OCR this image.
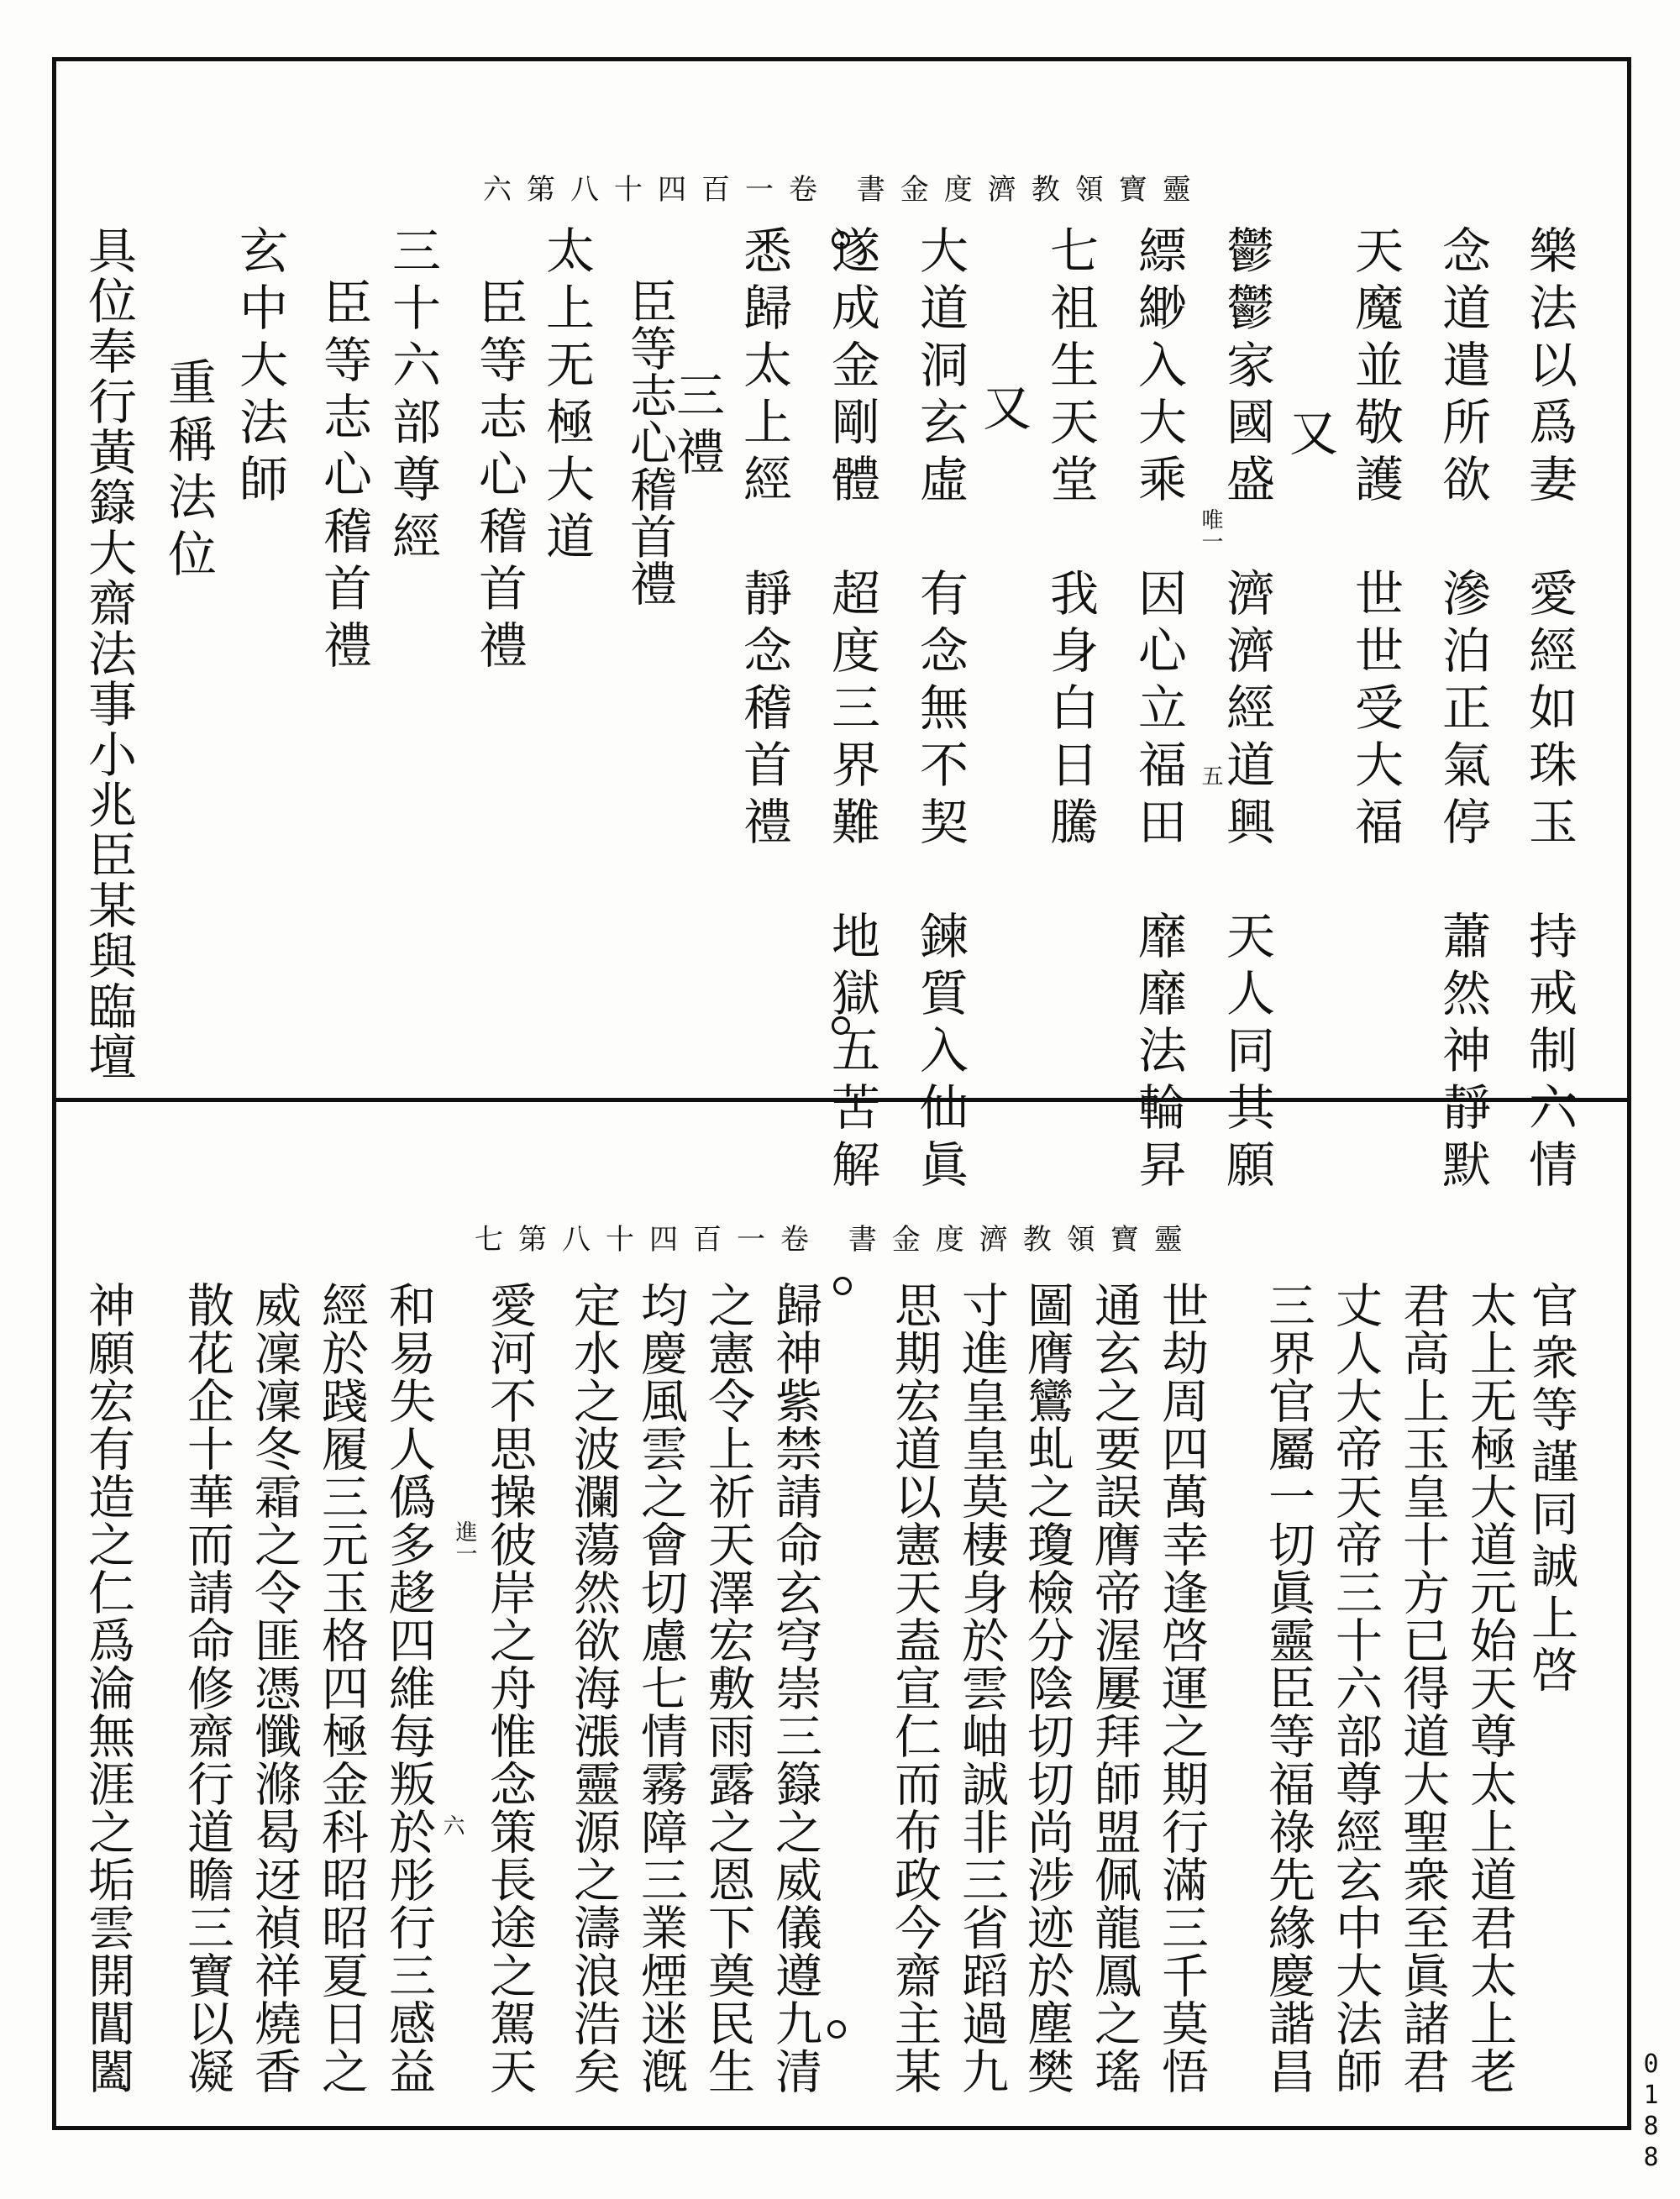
靈寶領教濟度金書 卷一百四十八第六
樂法以爲妻　愛經如珠玉　持戒制六情
念道遣所欲　滲泊正氣停　蕭然神靜默
天魔並敬護　世世受大福
又
鬱鬱家國盛　濟濟經道興　天人同其願
縹緲入大乘　因心立福田　靡靡法輪昇
七祖生天堂　我身白日騰
又
大道洞玄虛　有念無不契　鍊質入仙眞
遂成金剛體　超度三界難　地獄五苦解
悉歸太上經　靜念稽首禮
三禮
臣等志心稽首禮
太上无極大道
臣等志心稽首禮
三十六部尊經
臣等志心稽首禮
玄中大法師
重稱法位
具位奉行黃籙大齋法事小兆臣某與臨壇	唯一
五
靈寶領教濟度金書 卷一百四十八第七
官衆等謹同誠上啓
太上无極大道元始天尊太上道君太上老
君高上玉皇十方已得道大聖衆至眞諸君
丈人大帝天帝三十六部尊經玄中大法師
三界官屬一切眞靈臣等福祿先緣慶諧昌
世劫周四萬幸逢啓運之期行滿三千莫悟
通玄之要誤膺帝渥屢拜師盟佩龍鳳之瑤
圖膺鸞虬之瓊檢分陰切切尚涉迹於塵樊
寸進皇皇莫棲身於雲岫誠非三省蹈過九
思期宏道以憲天盍宣仁而布政今齋主某
歸神紫禁請命玄穹崇三籙之威儀遵九清
之憲令上祈天澤宏敷雨露之恩下奠民生
均慶風雲之會切慮七情霧障三業煙迷漑
定水之波瀾蕩然欲海漲靈源之濤浪浩矣
愛河不思操彼岸之舟惟念策長途之駕天
和易失人僞多趍四維每叛於彤行三感益
經於踐履三元玉格四極金科昭昭夏日之
威凜凜冬霜之令匪憑懺滌曷迓禎祥燒香
散花企十華而請命修齋行道瞻三寶以凝
神願宏有造之仁爲淪無涯之垢雲開閶闔	進一
六
0188
